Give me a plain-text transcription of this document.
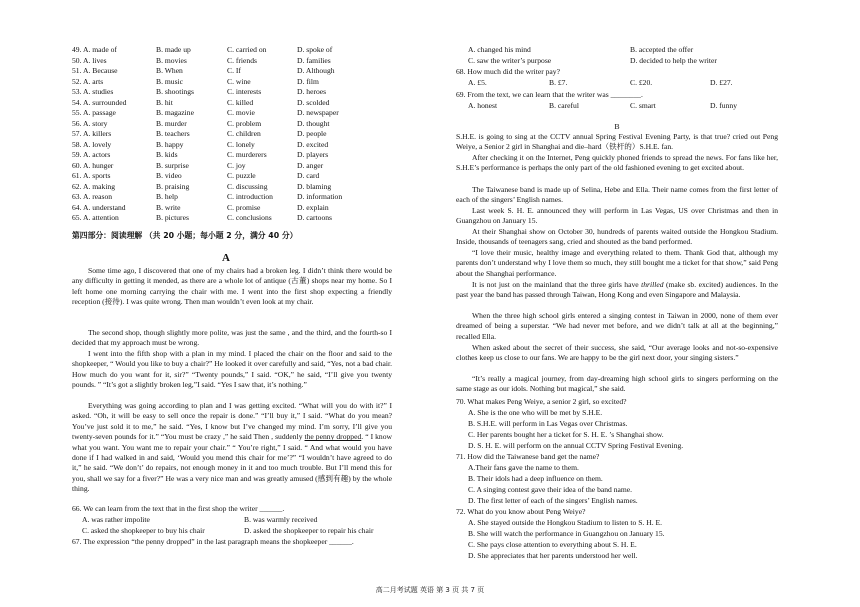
49. A. made of	B. made up	C. carried on	D. spoke of
50. A. lives	B. movies	C. friends	D. families
51. A. Because	B. When	C. If	D. Although
52. A. arts	B. music	C. wine	D. film
53. A. studies	B. shootings	C. interests	D. heroes
54. A. surrounded	B. hit	C. killed	D. scolded
55. A. passage	B. magazine	C. movie	D. newspaper
56. A. story	B. murder	C. problem	D. thought
57. A. killers	B. teachers	C. children	D. people
58. A. lovely	B. happy	C. lonely	D. excited
59. A. actors	B. kids	C. murderers	D. players
60. A. hunger	B. surprise	C. joy	D. anger
61. A. sports	B. video	C. puzzle	D. card
62. A. making	B. praising	C. discussing	D. blaming
63. A. reason	B. help	C. introduction	D. information
64. A. understand	B. write	C. promise	D. explain
65. A. attention	B. pictures	C. conclusions	D. cartoons
第四部分：阅读理解 （共 20 小题；每小题 2 分，满分 40 分）
A

Some time ago, I discovered that one of my chairs had a broken leg. I didn’t think there would be any difficulty in getting it mended, as there are a whole lot of antique (古董) shops near my home. So I left home one morning carrying the chair with me. I went into the first shop expecting a friendly reception (接待). I was quite wrong. Then man wouldn’t even look at my chair.

The second shop, though slightly more polite, was just the same , and the third, and the fourth-so I decided that my approach must be wrong.

I went into the fifth shop with a plan in my mind. I placed the chair on the floor and said to the shopkeeper, “ Would you like to buy a chair?” He looked it over carefully and said, “Yes, not a bad chair. How much do you want for it, sir?” “Twenty pounds,” I said. “OK,” he said, “I’ll give you twenty pounds. ” “It’s got a slightly broken leg,”I said. “Yes I saw that, it’s nothing.”

Everything was going according to plan and I was getting excited. “What will you do with it?” I asked. “Oh, it will be easy to sell once the repair is done.” “I’ll buy it,” I said. “What do you mean? You’ve just sold it to me,” he said. “Yes, I know but I’ve changed my mind. I’m sorry, I’ll give you twenty-seven pounds for it.” “You must be crazy ,” he said Then , suddenly the penny dropped. “ I know what you want. You want me to repair your chair.” “ You’re right,” I said. “ And what would you have done if I had walked in and said, ‘Would you mend this chair for me’?” “I wouldn’t have agreed to do it,” he said. “We don’t’ do repairs, not enough money in it and too much trouble. But I’ll mend this for you, shall we say for a fiver?” He was a very nice man and was greatly amused (感到有趣) by the whole thing.

66. We can learn from the text that in the first shop the writer ______.
A. was rather impolite	B. was warmly received
C. asked the shopkeeper to buy his chair	D. asked the shopkeeper to repair his chair
67. The expression “the penny dropped” in the last paragraph means the shopkeeper ______.
A. changed his mind	B. accepted the offer
C. saw the writer’s purpose	D. decided to help the writer
68. How much did the writer pay?
A. £5.	B. £7.	C. £20.	D. £27.
69. From the text, we can learn that the writer was ________.
A. honest	B. careful	C. smart	D. funny
B

S.H.E. is going to sing at the CCTV annual Spring Festival Evening Party, is that true? cried out Peng Weiye, a Senior 2 girl in Shanghai and die–hard（铁杆的）S.H.E. fan.

After checking it on the Internet, Peng quickly phoned friends to spread the news. For fans like her, S.H.E’s performance is perhaps the only part of the old fashioned evening to get excited about.

The Taiwanese band is made up of Selina, Hebe and Ella. Their name comes from the first letter of each of the singers’ English names.

Last week S. H. E. announced they will perform in Las Vegas, US over Christmas and then in Guangzhou on January 15.

At their Shanghai show on October 30, hundreds of parents waited outside the Hongkou Stadium. Inside, thousands of teenagers sang, cried and shouted as the band performed.

“I love their music, healthy image and everything related to them. Thank God that, although my parents don’t understand why I love them so much, they still bought me a ticket for that show,” said Peng about the Shanghai performance.

It is not just on the mainland that the three girls have thrilled (make sb. excited) audiences. In the past year the band has passed through Taiwan, Hong Kong and even Singapore and Malaysia.

When the three high school girls entered a singing contest in Taiwan in 2000, none of them ever dreamed of being a superstar. “We had never met before, and we didn’t talk at all at the beginning,” recalled Ella.

When asked about the secret of their success, she said, “Our average looks and not-so-expensive clothes keep us close to our fans. We are happy to be the girl next door, your singing sisters.”

“It’s really a magical journey, from day-dreaming high school girls to singers performing on the same stage as our idols. Nothing but magical,” she said.

70. What makes Peng Weiye, a senior 2 girl, so excited?
A. She is the one who will be met by S.H.E.
B. S.H.E. will perform in Las Vegas over Christmas.
C. Her parents bought her a ticket for S. H. E. ’s Shanghai show.
D. S. H. E. will perform on the annual CCTV Spring Festival Evening.
71. How did the Taiwanese band get the name?
A.Their fans gave the name to them.
B. Their idols had a deep influence on them.
C. A singing contest gave their idea of the band name.
D. The first letter of each of the singers’ English names.
72. What do you know about Peng Weiye?
A. She stayed outside the Hongkou Stadium to listen to S. H. E.
B. She will watch the performance in Guangzhou on January 15.
C. She pays close attention to everything about S. H. E.
D. She appreciates that her parents understood her well.
高二月考试题 英语 第 3 页 共 7 页
